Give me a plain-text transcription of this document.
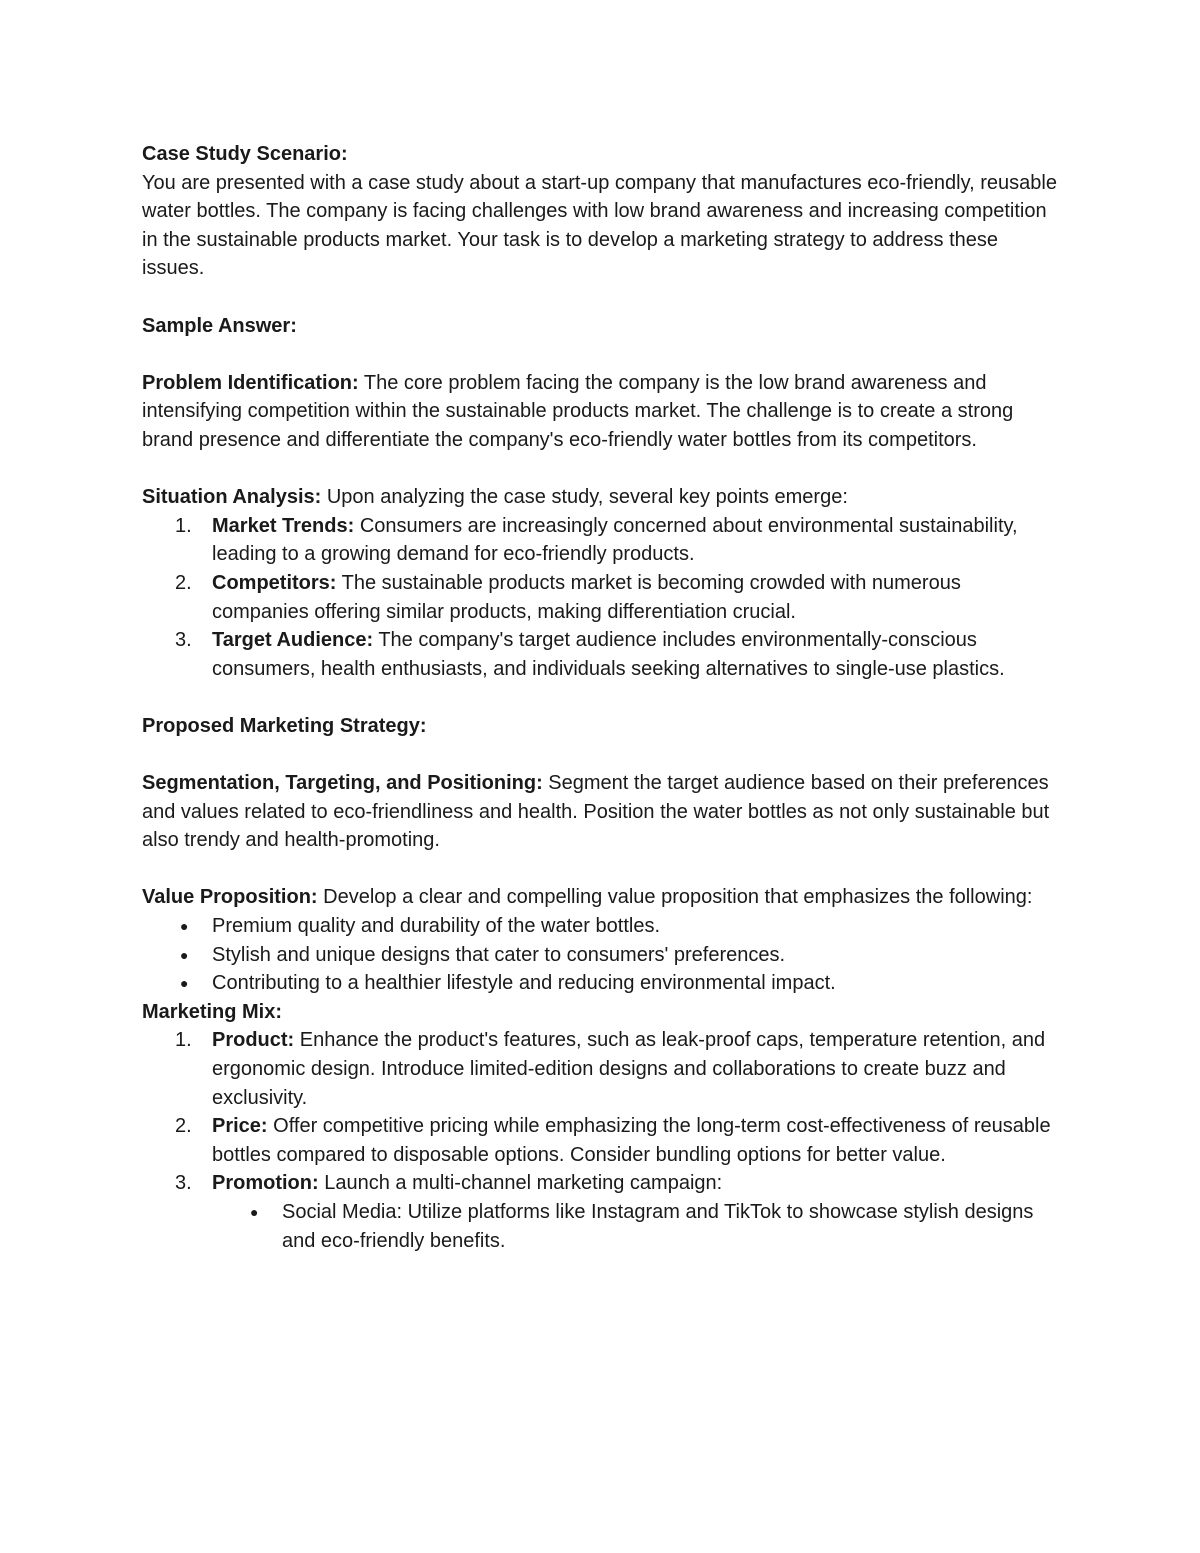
Case Study Scenario:

You are presented with a case study about a start-up company that manufactures eco-friendly, reusable water bottles. The company is facing challenges with low brand awareness and increasing competition in the sustainable products market. Your task is to develop a marketing strategy to address these issues.

Sample Answer:

Problem Identification: The core problem facing the company is the low brand awareness and intensifying competition within the sustainable products market. The challenge is to create a strong brand presence and differentiate the company's eco-friendly water bottles from its competitors.

Situation Analysis: Upon analyzing the case study, several key points emerge:

1. Market Trends: Consumers are increasingly concerned about environmental sustainability, leading to a growing demand for eco-friendly products.
2. Competitors: The sustainable products market is becoming crowded with numerous companies offering similar products, making differentiation crucial.
3. Target Audience: The company's target audience includes environmentally-conscious consumers, health enthusiasts, and individuals seeking alternatives to single-use plastics.

Proposed Marketing Strategy:

Segmentation, Targeting, and Positioning: Segment the target audience based on their preferences and values related to eco-friendliness and health. Position the water bottles as not only sustainable but also trendy and health-promoting.

Value Proposition: Develop a clear and compelling value proposition that emphasizes the following:

● Premium quality and durability of the water bottles.
● Stylish and unique designs that cater to consumers' preferences.
● Contributing to a healthier lifestyle and reducing environmental impact.

Marketing Mix:

1. Product: Enhance the product's features, such as leak-proof caps, temperature retention, and ergonomic design. Introduce limited-edition designs and collaborations to create buzz and exclusivity.
2. Price: Offer competitive pricing while emphasizing the long-term cost-effectiveness of reusable bottles compared to disposable options. Consider bundling options for better value.
3. Promotion: Launch a multi-channel marketing campaign:
● Social Media: Utilize platforms like Instagram and TikTok to showcase stylish designs and eco-friendly benefits.
